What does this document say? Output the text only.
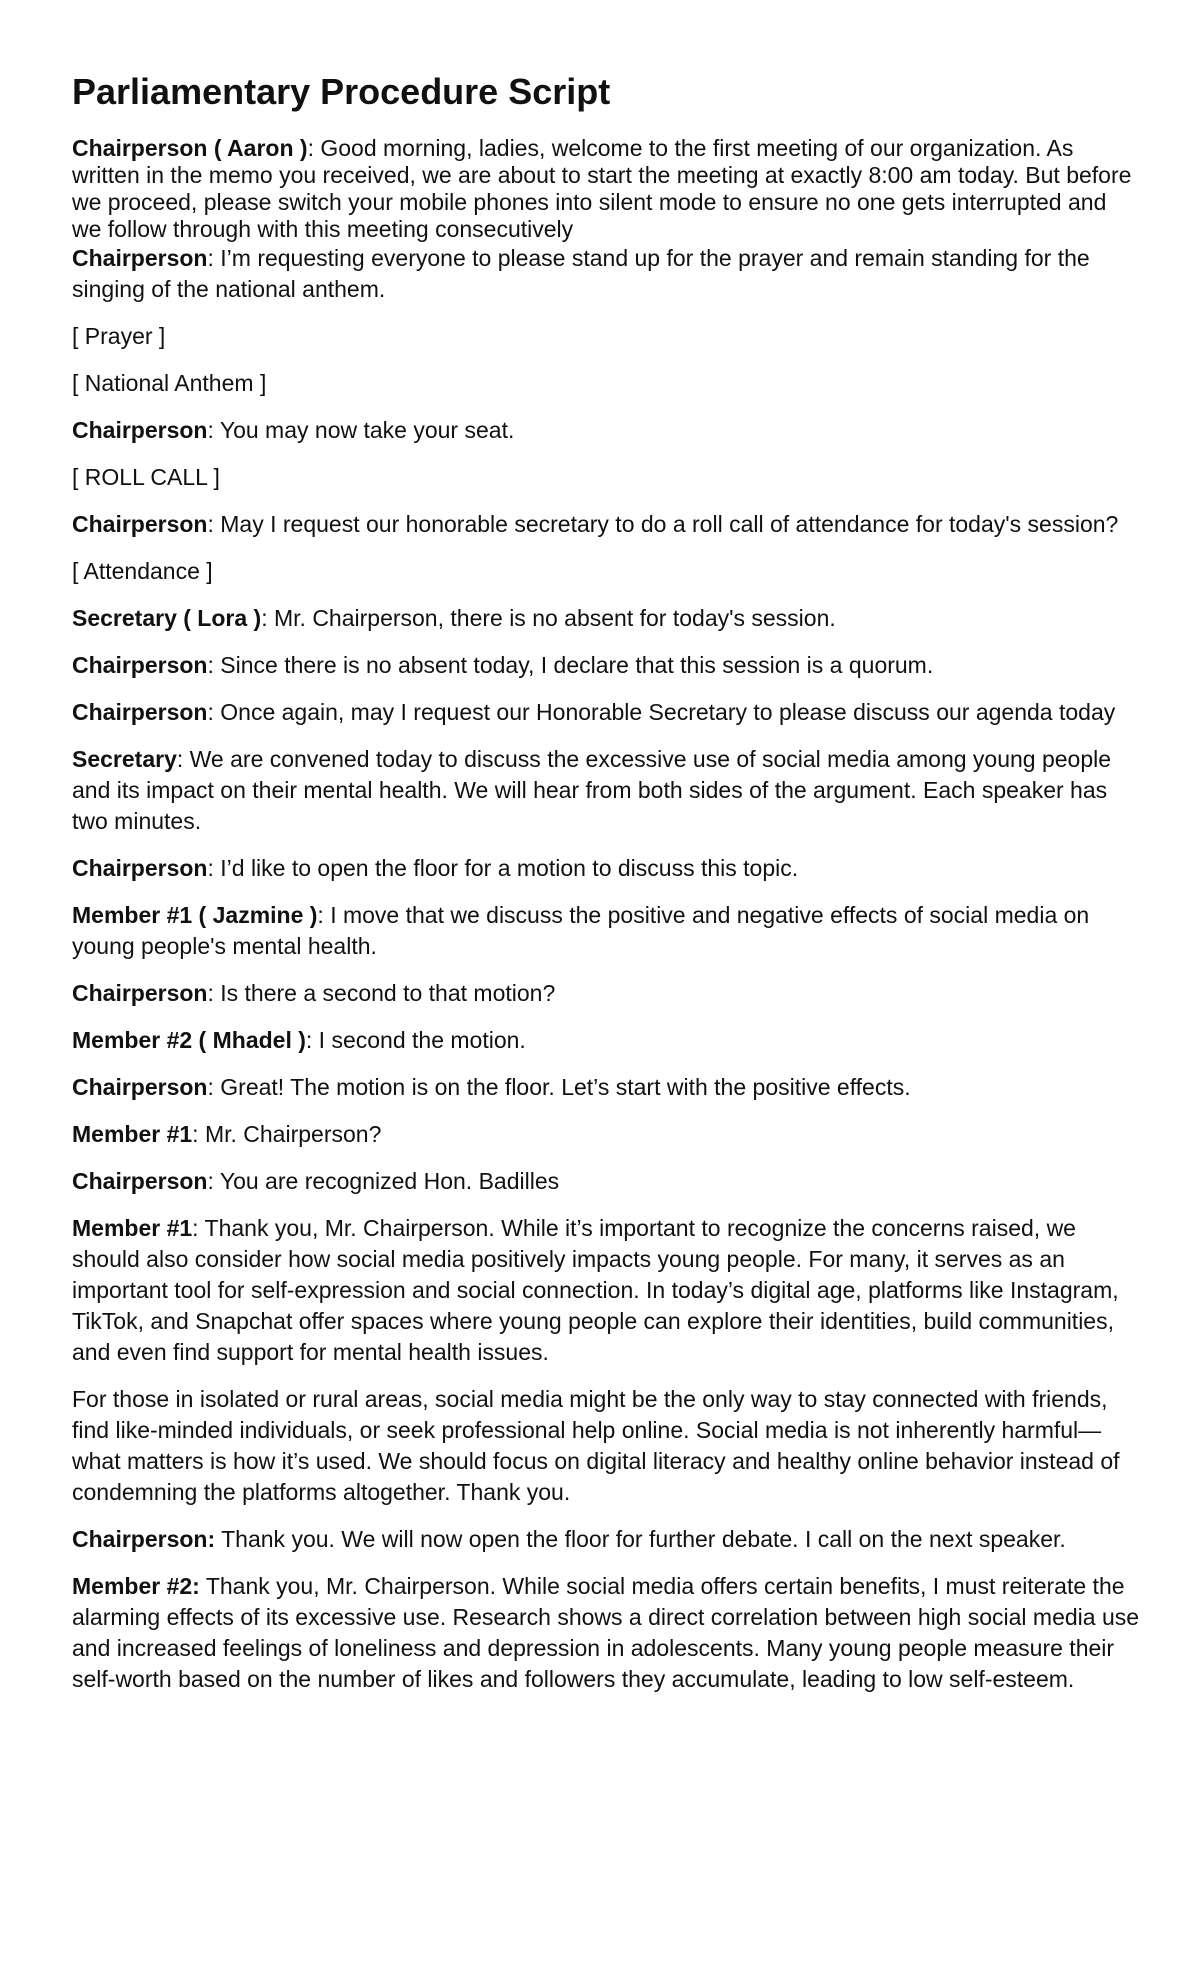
Parliamentary Procedure Script

Chairperson ( Aaron ): Good morning, ladies, welcome to the first meeting of our organization. As written in the memo you received, we are about to start the meeting at exactly 8:00 am today. But before we proceed, please switch your mobile phones into silent mode to ensure no one gets interrupted and we follow through with this meeting consecutively

Chairperson: I’m requesting everyone to please stand up for the prayer and remain standing for the singing of the national anthem.

[ Prayer ]

[ National Anthem ]

Chairperson: You may now take your seat.

[ ROLL CALL ]

Chairperson: May I request our honorable secretary to do a roll call of attendance for today's session?

[ Attendance ]

Secretary ( Lora ): Mr. Chairperson, there is no absent for today's session.

Chairperson: Since there is no absent today, I declare that this session is a quorum.

Chairperson: Once again, may I request our Honorable Secretary to please discuss our agenda today

Secretary: We are convened today to discuss the excessive use of social media among young people and its impact on their mental health. We will hear from both sides of the argument. Each speaker has two minutes.

Chairperson: I’d like to open the floor for a motion to discuss this topic.

Member #1 ( Jazmine ): I move that we discuss the positive and negative effects of social media on young people's mental health.

Chairperson: Is there a second to that motion?

Member #2 ( Mhadel ): I second the motion.

Chairperson: Great! The motion is on the floor. Let’s start with the positive effects.

Member #1: Mr. Chairperson?

Chairperson: You are recognized Hon. Badilles

Member #1: Thank you, Mr. Chairperson. While it’s important to recognize the concerns raised, we should also consider how social media positively impacts young people. For many, it serves as an important tool for self-expression and social connection. In today’s digital age, platforms like Instagram, TikTok, and Snapchat offer spaces where young people can explore their identities, build communities, and even find support for mental health issues.

For those in isolated or rural areas, social media might be the only way to stay connected with friends, find like-minded individuals, or seek professional help online. Social media is not inherently harmful—what matters is how it’s used. We should focus on digital literacy and healthy online behavior instead of condemning the platforms altogether. Thank you.

Chairperson: Thank you. We will now open the floor for further debate. I call on the next speaker.

Member #2: Thank you, Mr. Chairperson. While social media offers certain benefits, I must reiterate the alarming effects of its excessive use. Research shows a direct correlation between high social media use and increased feelings of loneliness and depression in adolescents. Many young people measure their self-worth based on the number of likes and followers they accumulate, leading to low self-esteem.
